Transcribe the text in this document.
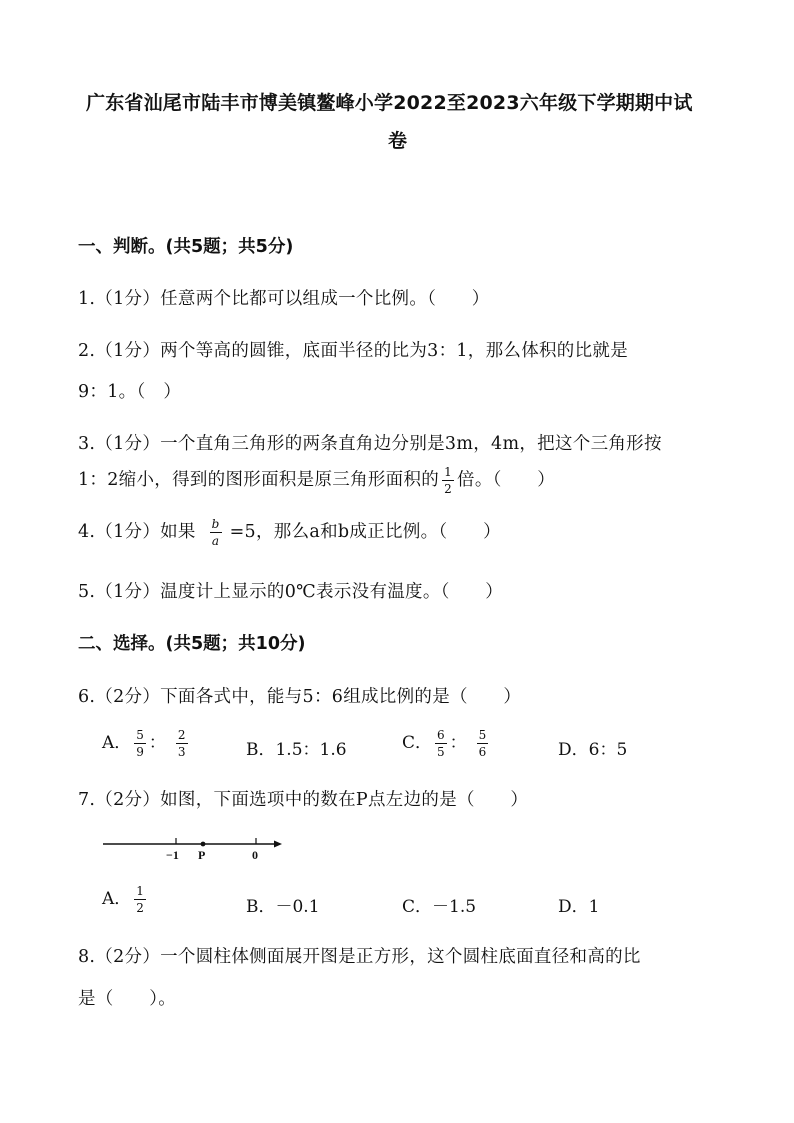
广东省汕尾市陆丰市博美镇鳌峰小学2022至2023六年级下学期期中试
卷
一、判断。(共5题；共5分)
1.（1分）任意两个比都可以组成一个比例。（　　）
2.（1分）两个等高的圆锥，底面半径的比为3：1，那么体积的比就是
9：1。（　）
3.（1分）一个直角三角形的两条直角边分别是3m，4m，把这个三角形按
1：2缩小，得到的图形面积是原三角形面积的 $\frac{1}{2}$ 倍。（　　）
4.（1分）如果 $\frac{b}{a} =5$，那么a和b成正比例。（　　）
5.（1分）温度计上显示的0℃表示没有温度。（　　）
二、选择。(共5题；共10分)
6.（2分）下面各式中，能与5：6组成比例的是（　　）
A． $\frac{5}{9}$ ： $\frac{2}{3}$	B．1.5：1.6	C． $\frac{6}{5}$ ： $\frac{5}{6}$	D．6：5
7.（2分）如图，下面选项中的数在P点左边的是（　　）
−1 P	0
A． $\frac{1}{2}$	B．－0.1	C．－1.5	D．1
8.（2分）一个圆柱体侧面展开图是正方形，这个圆柱底面直径和高的比
是（　　）。
